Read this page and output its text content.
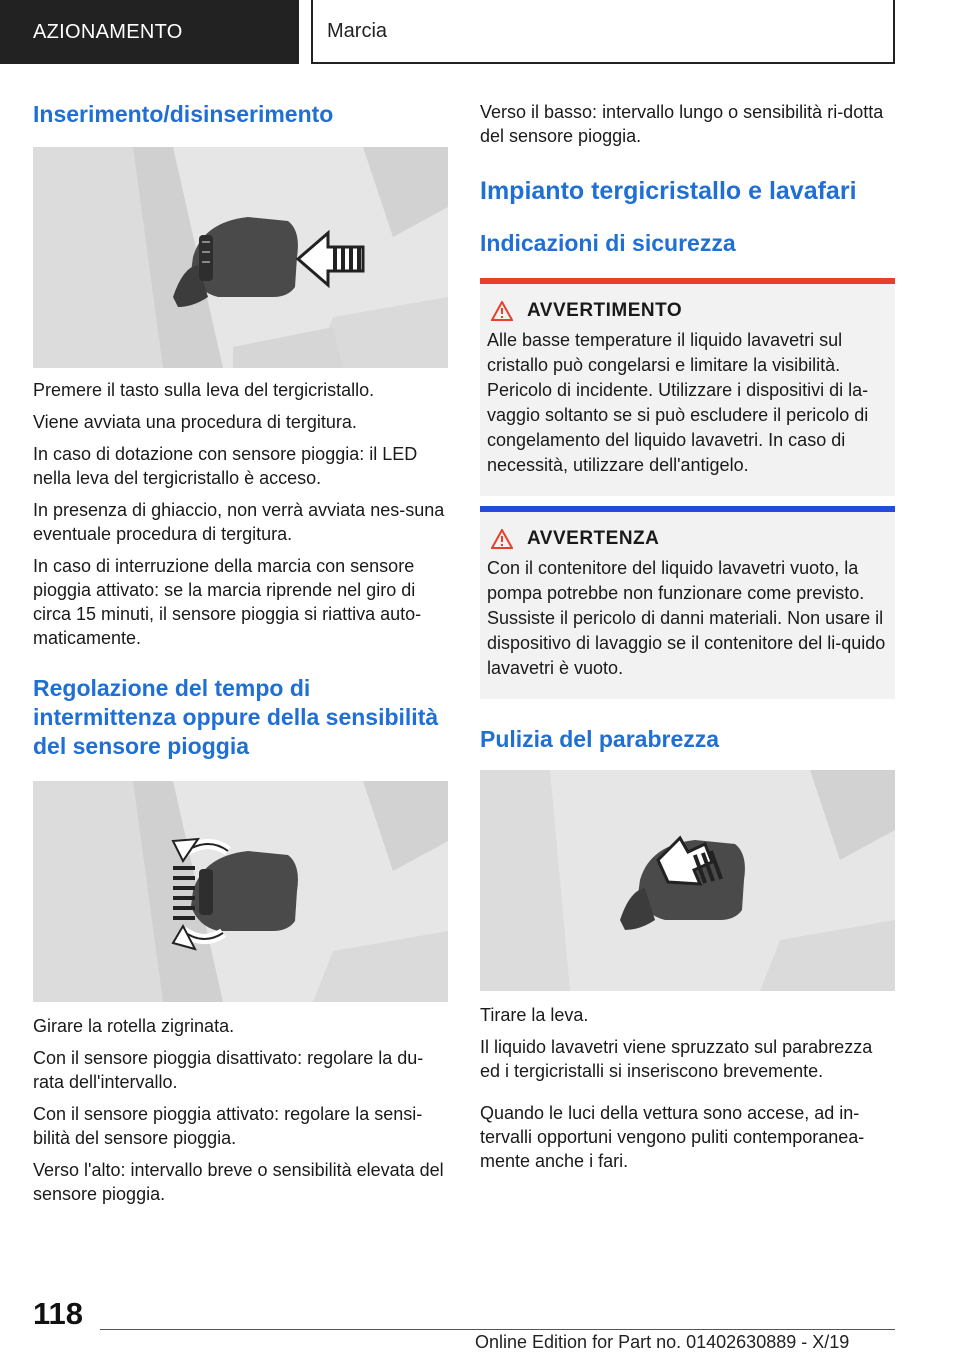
AZIONAMENTO	Marcia
Inserimento/disinserimento

Premere il tasto sulla leva del tergicristallo.

Viene avviata una procedura di tergitura.

In caso di dotazione con sensore pioggia: il LED nella leva del tergicristallo è acceso.

In presenza di ghiaccio, non verrà avviata nes-suna eventuale procedura di tergitura.

In caso di interruzione della marcia con sensore pioggia attivato: se la marcia riprende nel giro di circa 15 minuti, il sensore pioggia si riattiva auto-maticamente.

Regolazione del tempo di intermittenza oppure della sensibilità del sensore pioggia

Girare la rotella zigrinata.

Con il sensore pioggia disattivato: regolare la du-rata dell'intervallo.

Con il sensore pioggia attivato: regolare la sensi-bilità del sensore pioggia.

Verso l'alto: intervallo breve o sensibilità elevata del sensore pioggia.

Verso il basso: intervallo lungo o sensibilità ri-dotta del sensore pioggia.

Impianto tergicristallo e lavafari
Indicazioni di sicurezza
AVVERTIMENTO
Alle basse temperature il liquido lavavetri sul cristallo può congelarsi e limitare la visibilità. Pericolo di incidente. Utilizzare i dispositivi di la-vaggio soltanto se si può escludere il pericolo di congelamento del liquido lavavetri. In caso di necessità, utilizzare dell'antigelo.
AVVERTENZA
Con il contenitore del liquido lavavetri vuoto, la pompa potrebbe non funzionare come previsto. Sussiste il pericolo di danni materiali. Non usare il dispositivo di lavaggio se il contenitore del li-quido lavavetri è vuoto.
Pulizia del parabrezza

Tirare la leva.

Il liquido lavavetri viene spruzzato sul parabrezza ed i tergicristalli si inseriscono brevemente.

Quando le luci della vettura sono accese, ad in-tervalli opportuni vengono puliti contemporanea-mente anche i fari.

118
Online Edition for Part no. 01402630889 - X/19
